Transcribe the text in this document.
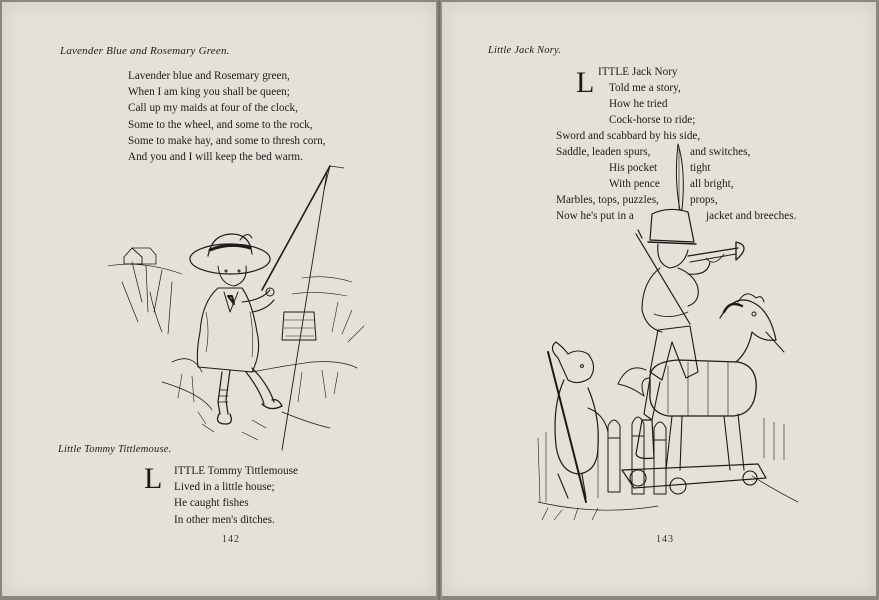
Lavender Blue and Rosemary Green.
Lavender blue and Rosemary green,
When I am king you shall be queen;
Call up my maids at four of the clock,
Some to the wheel, and some to the rock,
Some to make hay, and some to thresh corn,
And you and I will keep the bed warm.
Little Tommy Tittlemouse.
L ITTLE Tommy Tittlemouse
Lived in a little house;
He caught fishes
In other men's ditches.
142
Little Jack Nory.
L ITTLE Jack Nory
Told me a story,
How he tried
Cock-horse to ride;
Sword and scabbard by his side,
Saddle, leaden spurs,	and switches,
His pocket	tight
With pence	all bright,
Marbles, tops, puzzles,	props,
Now he's put in a	jacket and breeches.
143
